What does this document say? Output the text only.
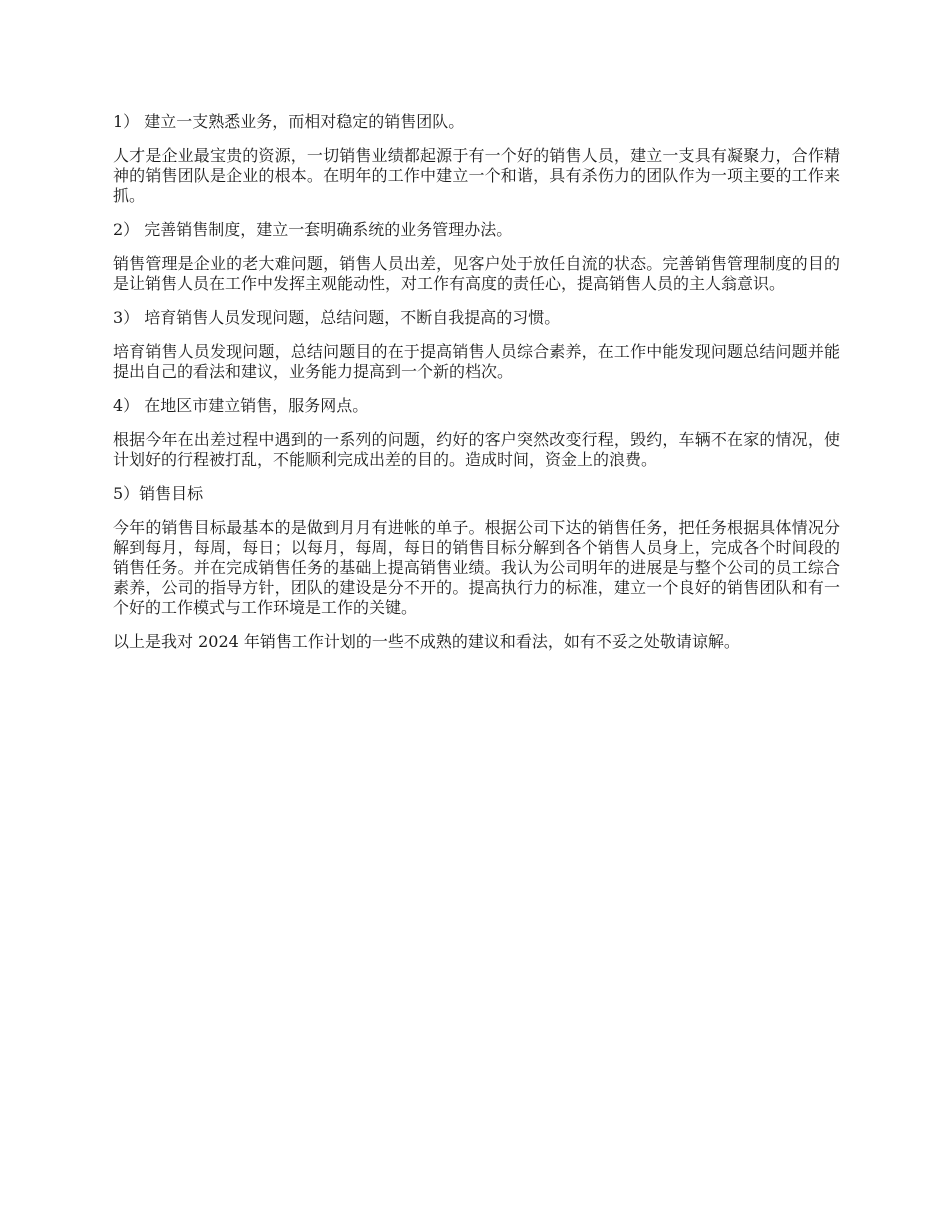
1） 建立一支熟悉业务，而相对稳定的销售团队。

人才是企业最宝贵的资源，一切销售业绩都起源于有一个好的销售人员，建立一支具有凝聚力，合作精神的销售团队是企业的根本。在明年的工作中建立一个和谐，具有杀伤力的团队作为一项主要的工作来抓。

2） 完善销售制度，建立一套明确系统的业务管理办法。

销售管理是企业的老大难问题，销售人员出差，见客户处于放任自流的状态。完善销售管理制度的目的是让销售人员在工作中发挥主观能动性，对工作有高度的责任心，提高销售人员的主人翁意识。

3） 培育销售人员发现问题，总结问题，不断自我提高的习惯。

培育销售人员发现问题，总结问题目的在于提高销售人员综合素养，在工作中能发现问题总结问题并能提出自己的看法和建议，业务能力提高到一个新的档次。

4） 在地区市建立销售，服务网点。

根据今年在出差过程中遇到的一系列的问题，约好的客户突然改变行程，毁约，车辆不在家的情况，使计划好的行程被打乱，不能顺利完成出差的目的。造成时间，资金上的浪费。

5）销售目标

今年的销售目标最基本的是做到月月有进帐的单子。根据公司下达的销售任务，把任务根据具体情况分解到每月，每周，每日；以每月，每周，每日的销售目标分解到各个销售人员身上，完成各个时间段的销售任务。并在完成销售任务的基础上提高销售业绩。我认为公司明年的进展是与整个公司的员工综合素养，公司的指导方针，团队的建设是分不开的。提高执行力的标准，建立一个良好的销售团队和有一个好的工作模式与工作环境是工作的关键。

以上是我对 2024 年销售工作计划的一些不成熟的建议和看法，如有不妥之处敬请谅解。
